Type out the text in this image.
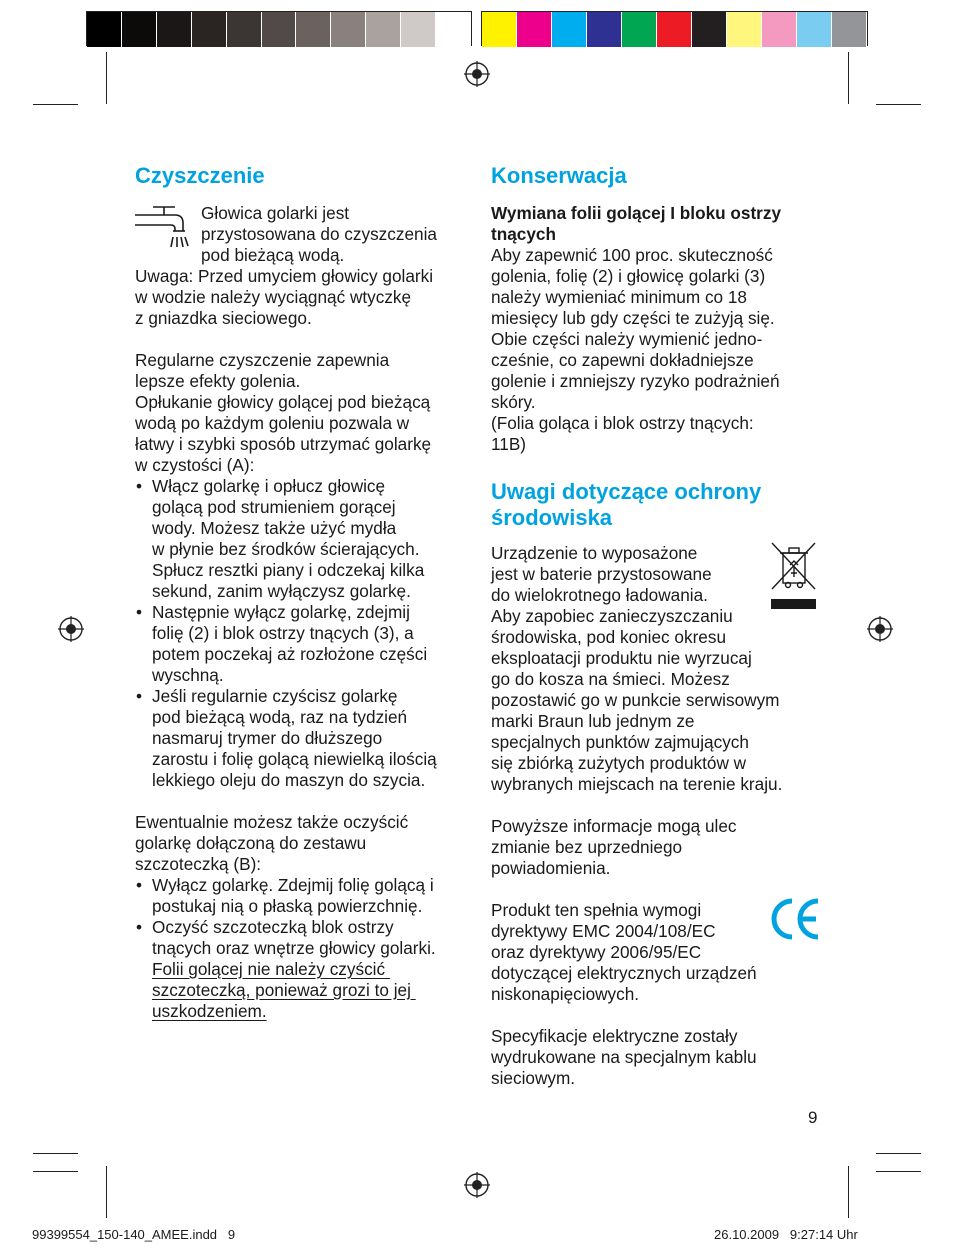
Czyszczenie

Głowica golarki jest

przystosowana do czyszczenia

pod bieżącą wodą.

Uwaga: Przed umyciem głowicy golarki

w wodzie należy wyciągnąć wtyczkę

z gniazdka sieciowego.

Regularne czyszczenie zapewnia

lepsze efekty golenia.

Opłukanie głowicy golącej pod bieżącą

wodą po każdym goleniu pozwala w

łatwy i szybki sposób utrzymać golarkę

w czystości (A):

• Włącz golarkę i opłucz głowicę
golącą pod strumieniem gorącej
wody. Możesz także użyć mydła
w płynie bez środków ścierających.
Spłucz resztki piany i odczekaj kilka
sekund, zanim wyłączysz golarkę.
• Następnie wyłącz golarkę, zdejmij
folię (2) i blok ostrzy tnących (3), a
potem poczekaj aż rozłożone części
wyschną.
• Jeśli regularnie czyścisz golarkę
pod bieżącą wodą, raz na tydzień
nasmaruj trymer do dłuższego
zarostu i folię golącą niewielką ilością
lekkiego oleju do maszyn do szycia.

Ewentualnie możesz także oczyścić

golarkę dołączoną do zestawu

szczoteczką (B):

• Wyłącz golarkę. Zdejmij folię golącą i
postukaj nią o płaską powierzchnię.
• Oczyść szczoteczką blok ostrzy
tnących oraz wnętrze głowicy golarki.
Folii golącej nie należy czyścić
szczoteczką, ponieważ grozi to jej
uszkodzeniem.
Konserwacja

Wymiana folii golącej I bloku ostrzy

tnących

Aby zapewnić 100 proc. skuteczność

golenia, folię (2) i głowicę golarki (3)

należy wymieniać minimum co 18

miesięcy lub gdy części te zużyją się.

Obie części należy wymienić jedno-

cześnie, co zapewni dokładniejsze

golenie i zmniejszy ryzyko podrażnień

skóry.

(Folia goląca i blok ostrzy tnących:

11B)

Uwagi dotyczące ochrony
środowiska

Urządzenie to wyposażone

jest w baterie przystosowane

do wielokrotnego ładowania.

Aby zapobiec zanieczyszczaniu

środowiska, pod koniec okresu

eksploatacji produktu nie wyrzucaj

go do kosza na śmieci. Możesz

pozostawić go w punkcie serwisowym

marki Braun lub jednym ze

specjalnych punktów zajmujących

się zbiórką zużytych produktów w

wybranych miejscach na terenie kraju.

Powyższe informacje mogą ulec

zmianie bez uprzedniego

powiadomienia.

Produkt ten spełnia wymogi

dyrektywy EMC 2004/108/EC

oraz dyrektywy 2006/95/EC

dotyczącej elektrycznych urządzeń

niskonapięciowych.

Specyfikacje elektryczne zostały

wydrukowane na specjalnym kablu

sieciowym.

9
99399554_150-140_AMEE.indd   9	26.10.2009   9:27:14 Uhr
